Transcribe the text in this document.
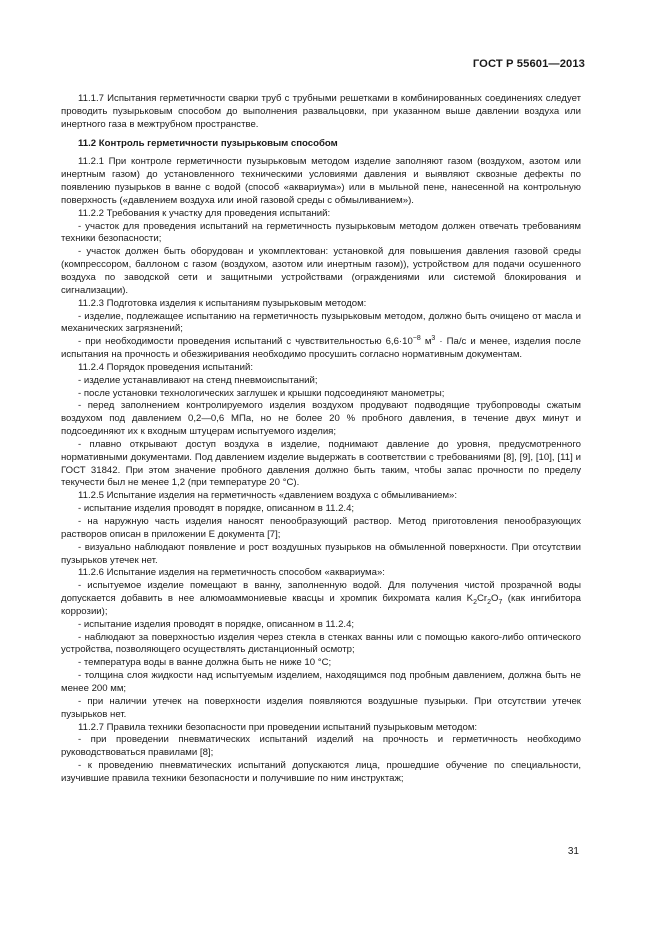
ГОСТ Р 55601—2013

11.1.7 Испытания герметичности сварки труб с трубными решетками в комбинированных соединениях следует проводить пузырьковым способом до выполнения развальцовки, при указанном выше давлении воздуха или инертного газа в межтрубном пространстве.

11.2 Контроль герметичности пузырьковым способом

11.2.1 При контроле герметичности пузырьковым методом изделие заполняют газом (воздухом, азотом или инертным газом) до установленного техническими условиями давления и выявляют сквозные дефекты по появлению пузырьков в ванне с водой (способ «аквариума») или в мыльной пене, нанесенной на контрольную поверхность («давлением воздуха или иной газовой среды с обмыливанием»).

11.2.2 Требования к участку для проведения испытаний:

- участок для проведения испытаний на герметичность пузырьковым методом должен отвечать требованиям техники безопасности;

- участок должен быть оборудован и укомплектован: установкой для повышения давления газовой среды (компрессором, баллоном с газом (воздухом, азотом или инертным газом)), устройством для подачи осушенного воздуха по заводской сети и защитными устройствами (ограждениями или системой блокирования и сигнализации).

11.2.3 Подготовка изделия к испытаниям пузырьковым методом:

- изделие, подлежащее испытанию на герметичность пузырьковым методом, должно быть очищено от масла и механических загрязнений;

- при необходимости проведения испытаний с чувствительностью $6,6\cdot 10^{-8}$ $м^3 \cdot Па/с$ и менее, изделия после испытания на прочность и обезжиривания необходимо просушить согласно нормативным документам.

11.2.4 Порядок проведения испытаний:

- изделие устанавливают на стенд пневмоиспытаний;

- после установки технологических заглушек и крышки подсоединяют манометры;

- перед заполнением контролируемого изделия воздухом продувают подводящие трубопроводы сжатым воздухом под давлением 0,2—0,6 МПа, но не более 20 % пробного давления, в течение двух минут и подсоединяют их к входным штуцерам испытуемого изделия;

- плавно открывают доступ воздуха в изделие, поднимают давление до уровня, предусмотренного нормативными документами. Под давлением изделие выдержать в соответствии с требованиями [8], [9], [10], [11] и ГОСТ 31842. При этом значение пробного давления должно быть таким, чтобы запас прочности по пределу текучести был не менее 1,2 (при температуре 20 °С).

11.2.5 Испытание изделия на герметичность «давлением воздуха с обмыливанием»:

- испытание изделия проводят в порядке, описанном в 11.2.4;

- на наружную часть изделия наносят пенообразующий раствор. Метод приготовления пенообразующих растворов описан в приложении Е документа [7];

- визуально наблюдают появление и рост воздушных пузырьков на обмыленной поверхности. При отсутствии пузырьков утечек нет.

11.2.6 Испытание изделия на герметичность способом «аквариума»:

- испытуемое изделие помещают в ванну, заполненную водой. Для получения чистой прозрачной воды допускается добавить в нее алюмоаммониевые квасцы и хромпик бихромата калия $K_2Cr_2O_7$ (как ингибитора коррозии);

- испытание изделия проводят в порядке, описанном в 11.2.4;

- наблюдают за поверхностью изделия через стекла в стенках ванны или с помощью какого-либо оптического устройства, позволяющего осуществлять дистанционный осмотр;

- температура воды в ванне должна быть не ниже 10 °С;

- толщина слоя жидкости над испытуемым изделием, находящимся под пробным давлением, должна быть не менее 200 мм;

- при наличии утечек на поверхности изделия появляются воздушные пузырьки. При отсутствии утечек пузырьков нет.

11.2.7 Правила техники безопасности при проведении испытаний пузырьковым методом:

- при проведении пневматических испытаний изделий на прочность и герметичность необходимо руководствоваться правилами [8];

- к проведению пневматических испытаний допускаются лица, прошедшие обучение по специальности, изучившие правила техники безопасности и получившие по ним инструктаж;

31
